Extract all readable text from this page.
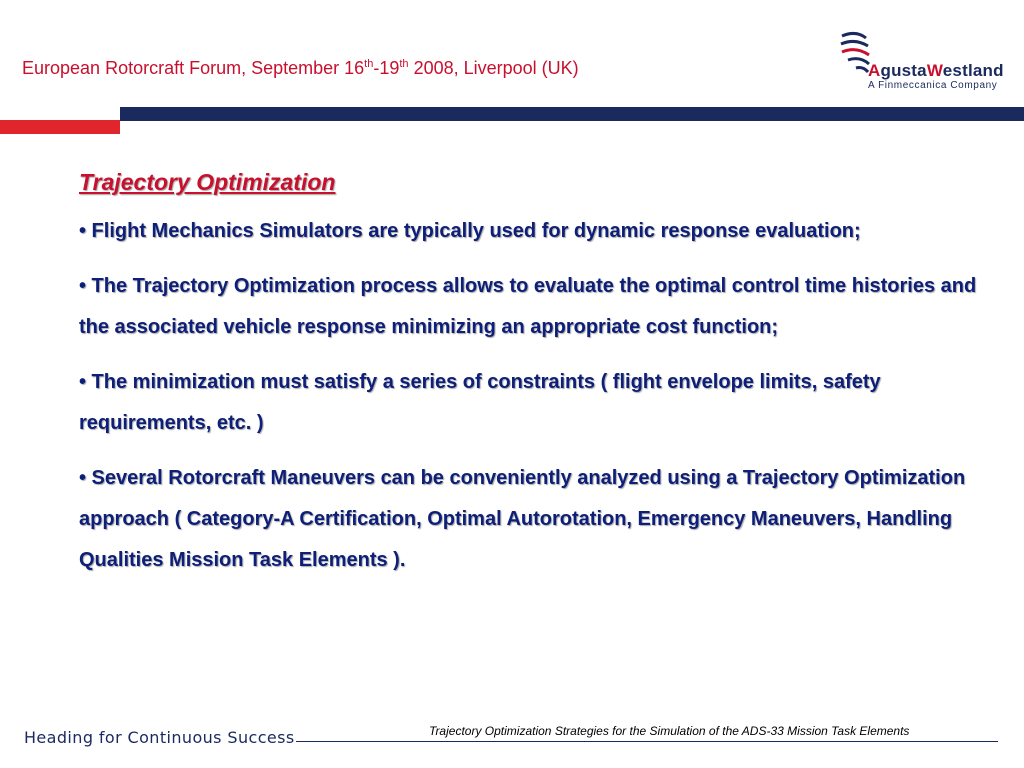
European Rotorcraft Forum, September 16th-19th 2008, Liverpool (UK)	AgustaWestland
A Finmeccanica Company
Trajectory Optimization
• Flight Mechanics Simulators are typically used for dynamic response evaluation;
• The Trajectory Optimization process allows to evaluate the optimal control time histories and the associated vehicle response minimizing an appropriate cost function;
• The minimization must satisfy a series of constraints ( flight envelope limits, safety requirements, etc. )
• Several Rotorcraft Maneuvers can be conveniently analyzed using a Trajectory Optimization approach ( Category-A Certification, Optimal Autorotation, Emergency Maneuvers, Handling Qualities Mission Task Elements ).
Heading for Continuous Success	Trajectory Optimization Strategies for the Simulation of the ADS-33 Mission Task Elements
